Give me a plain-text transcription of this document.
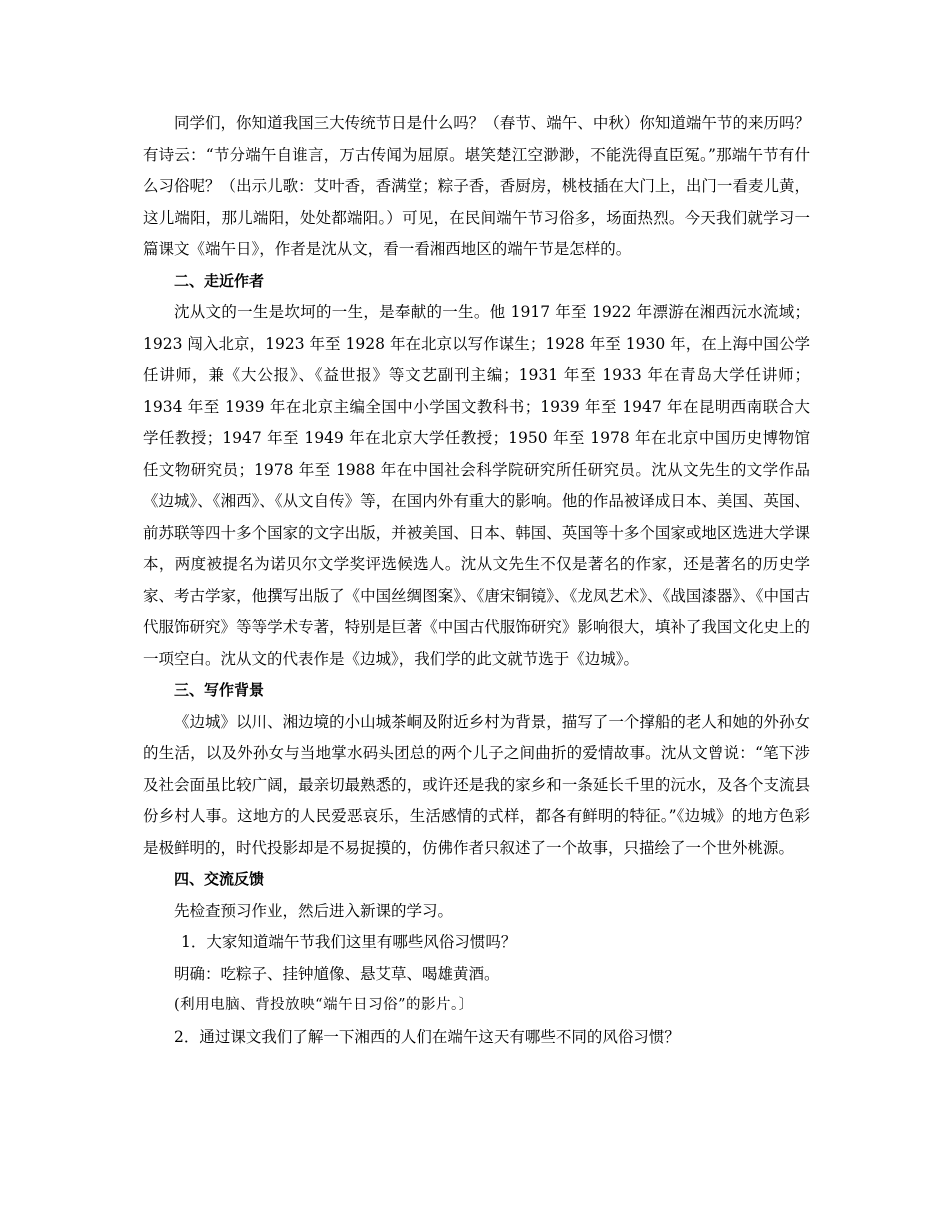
同学们，你知道我国三大传统节日是什么吗？（春节、端午、中秋）你知道端午节的来历吗？有诗云：“节分端午自谁言，万古传闻为屈原。堪笑楚江空渺渺，不能洗得直臣冤。”那端午节有什么习俗呢？（出示儿歌：艾叶香，香满堂；粽子香，香厨房，桃枝插在大门上，出门一看麦儿黄，这儿端阳，那儿端阳，处处都端阳。）可见，在民间端午节习俗多，场面热烈。今天我们就学习一篇课文《端午日》，作者是沈从文，看一看湘西地区的端午节是怎样的。

二、走近作者

沈从文的一生是坎坷的一生，是奉献的一生。他 1917 年至 1922 年漂游在湘西沅水流域；1923 闯入北京，1923 年至 1928 年在北京以写作谋生；1928 年至 1930 年，在上海中国公学任讲师，兼《大公报》、《益世报》等文艺副刊主编；1931 年至 1933 年在青岛大学任讲师；1934 年至 1939 年在北京主编全国中小学国文教科书；1939 年至 1947 年在昆明西南联合大学任教授；1947 年至 1949 年在北京大学任教授；1950 年至 1978 年在北京中国历史博物馆任文物研究员；1978 年至 1988 年在中国社会科学院研究所任研究员。沈从文先生的文学作品《边城》、《湘西》、《从文自传》等，在国内外有重大的影响。他的作品被译成日本、美国、英国、前苏联等四十多个国家的文字出版，并被美国、日本、韩国、英国等十多个国家或地区选进大学课本，两度被提名为诺贝尔文学奖评选候选人。沈从文先生不仅是著名的作家，还是著名的历史学家、考古学家，他撰写出版了《中国丝绸图案》、《唐宋铜镜》、《龙凤艺术》、《战国漆器》、《中国古代服饰研究》等等学术专著，特别是巨著《中国古代服饰研究》影响很大，填补了我国文化史上的一项空白。沈从文的代表作是《边城》，我们学的此文就节选于《边城》。

三、写作背景

《边城》以川、湘边境的小山城茶峒及附近乡村为背景，描写了一个撑船的老人和她的外孙女的生活，以及外孙女与当地掌水码头团总的两个儿子之间曲折的爱情故事。沈从文曾说：“笔下涉及社会面虽比较广阔，最亲切最熟悉的，或许还是我的家乡和一条延长千里的沅水，及各个支流县份乡村人事。这地方的人民爱恶哀乐，生活感情的式样，都各有鲜明的特征。”《边城》的地方色彩是极鲜明的，时代投影却是不易捉摸的，仿佛作者只叙述了一个故事，只描绘了一个世外桃源。

四、交流反馈

先检查预习作业，然后进入新课的学习。

1．大家知道端午节我们这里有哪些风俗习惯吗？

明确：吃粽子、挂钟馗像、悬艾草、喝雄黄酒。

(利用电脑、背投放映“端午日习俗”的影片。〕

2．通过课文我们了解一下湘西的人们在端午这天有哪些不同的风俗习惯？
